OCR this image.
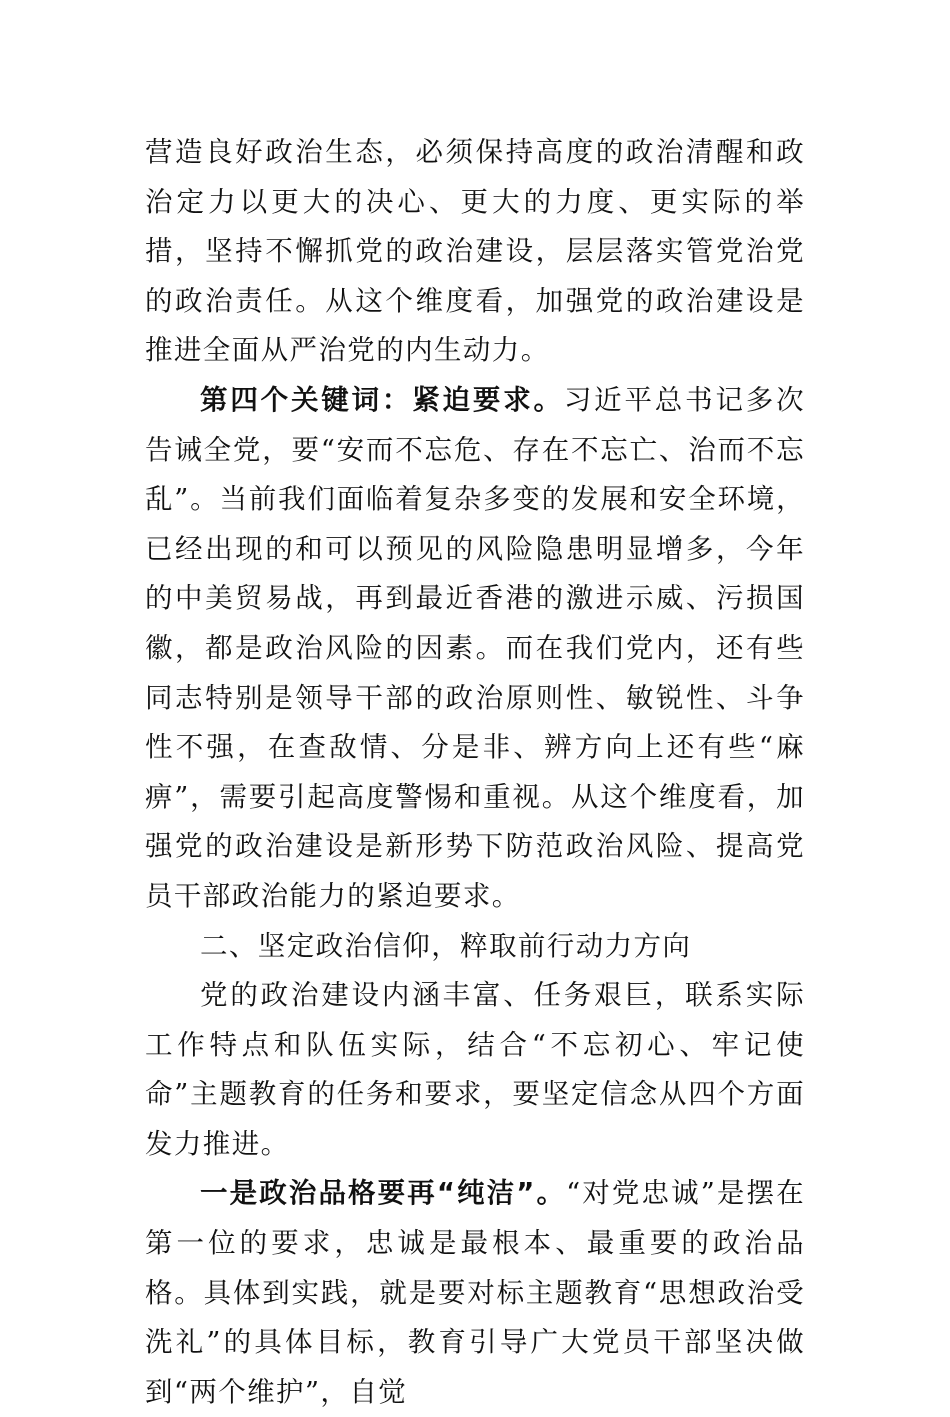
营造良好政治生态，必须保持高度的政治清醒和政治定力以更大的决心、更大的力度、更实际的举措，坚持不懈抓党的政治建设，层层落实管党治党的政治责任。从这个维度看，加强党的政治建设是推进全面从严治党的内生动力。

第四个关键词：紧迫要求。习近平总书记多次告诫全党，要“安而不忘危、存在不忘亡、治而不忘乱”。当前我们面临着复杂多变的发展和安全环境，已经出现的和可以预见的风险隐患明显增多，今年的中美贸易战，再到最近香港的激进示威、污损国徽，都是政治风险的因素。而在我们党内，还有些同志特别是领导干部的政治原则性、敏锐性、斗争性不强，在查敌情、分是非、辨方向上还有些“麻痹”，需要引起高度警惕和重视。从这个维度看，加强党的政治建设是新形势下防范政治风险、提高党员干部政治能力的紧迫要求。

二、坚定政治信仰，粹取前行动力方向

党的政治建设内涵丰富、任务艰巨，联系实际工作特点和队伍实际，结合“不忘初心、牢记使命”主题教育的任务和要求，要坚定信念从四个方面发力推进。

一是政治品格要再“纯洁”。“对党忠诚”是摆在第一位的要求，忠诚是最根本、最重要的政治品格。具体到实践，就是要对标主题教育“思想政治受洗礼”的具体目标，教育引导广大党员干部坚决做到“两个维护”，自觉
